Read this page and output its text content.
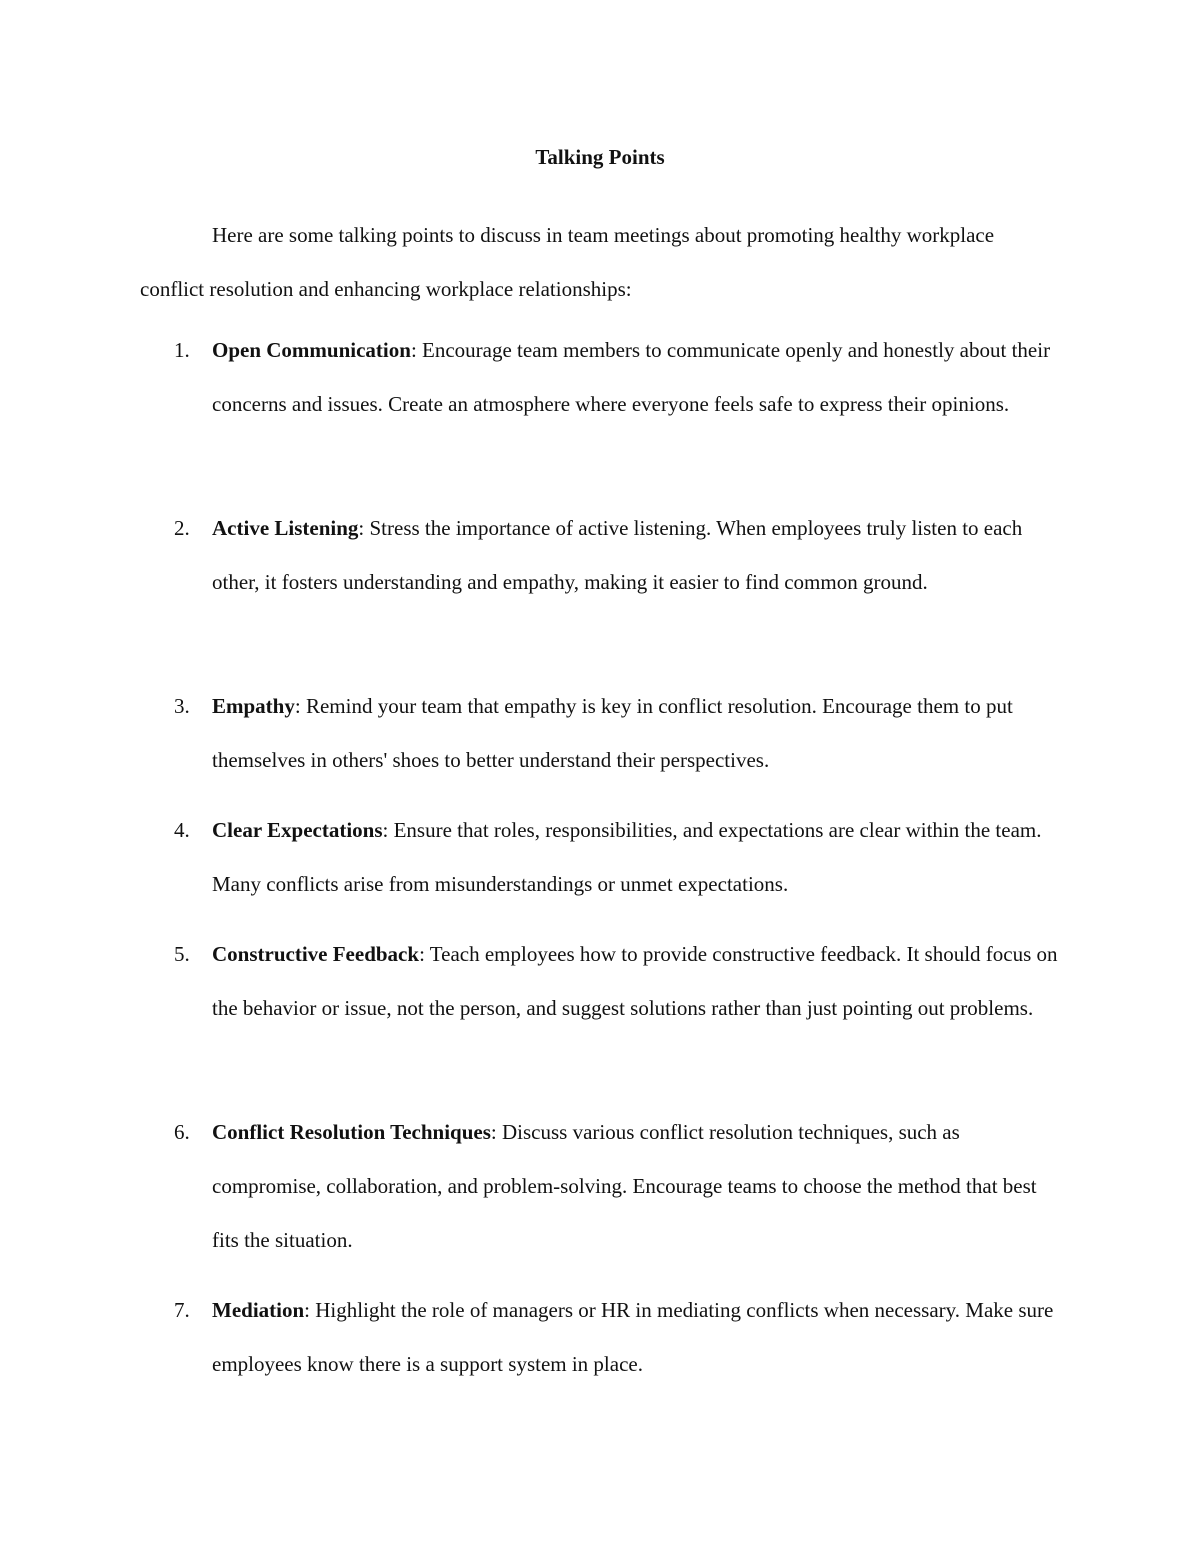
Talking Points

Here are some talking points to discuss in team meetings about promoting healthy workplace conflict resolution and enhancing workplace relationships:

1. Open Communication: Encourage team members to communicate openly and honestly about their concerns and issues. Create an atmosphere where everyone feels safe to express their opinions.

2. Active Listening: Stress the importance of active listening. When employees truly listen to each other, it fosters understanding and empathy, making it easier to find common ground.

3. Empathy: Remind your team that empathy is key in conflict resolution. Encourage them to put themselves in others' shoes to better understand their perspectives.

4. Clear Expectations: Ensure that roles, responsibilities, and expectations are clear within the team. Many conflicts arise from misunderstandings or unmet expectations.

5. Constructive Feedback: Teach employees how to provide constructive feedback. It should focus on the behavior or issue, not the person, and suggest solutions rather than just pointing out problems.

6. Conflict Resolution Techniques: Discuss various conflict resolution techniques, such as compromise, collaboration, and problem-solving. Encourage teams to choose the method that best fits the situation.

7. Mediation: Highlight the role of managers or HR in mediating conflicts when necessary. Make sure employees know there is a support system in place.
